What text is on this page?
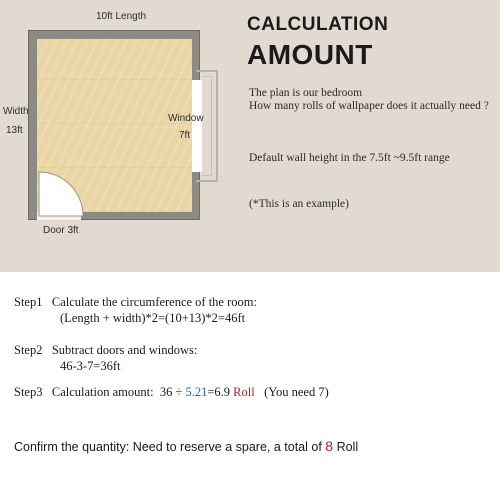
10ft Length
Width
13ft
Window
7ft
Door 3ft
CALCULATION
AMOUNT
The plan is our bedroom
How many rolls of wallpaper does it actually need ?
Default wall height in the 7.5ft ~9.5ft range
(*This is an example)
Step1 Calculate the circumference of the room:
(Length + width)*2=(10+13)*2=46ft
Step2 Subtract doors and windows:
46-3-7=36ft
Step3 Calculation amount: 36 ÷ 5.21=6.9 Roll (You need 7)
Confirm the quantity: Need to reserve a spare, a total of 8 Roll
